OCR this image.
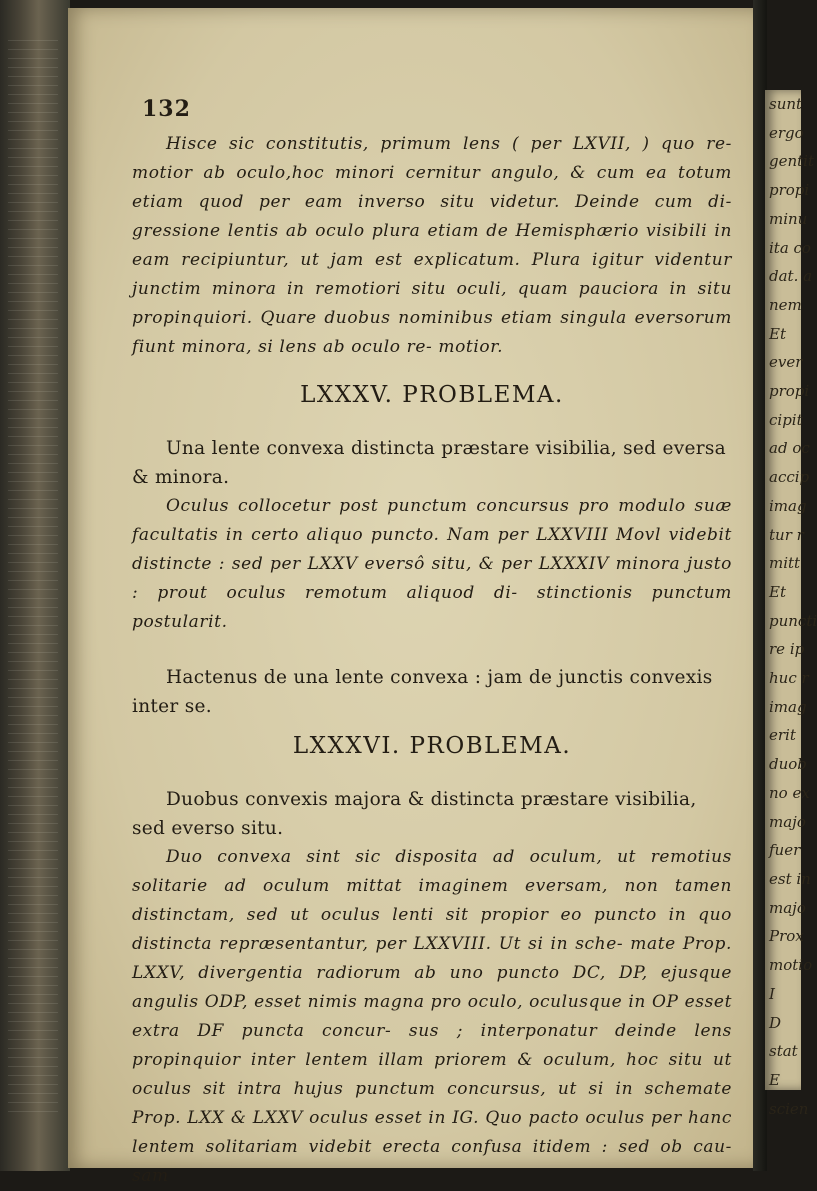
sunt
ergo
gentit
propi
minu
ita co
dat. a
nem
Et
ever
propi
cipit
ad oc
accip
imag
tur r
mitt
Et
puncti
re ip
huc r
imag
erit
duob
no ex
majo
fuer
est in
majo
Prox
motio
I
D
stat
E
scien
132

Hisce sic constitutis, primum lens ( per LXVII, ) quo re- motior ab oculo,hoc minori cernitur angulo, & cum ea totum etiam quod per eam inverso situ videtur. Deinde cum di- gressione lentis ab oculo plura etiam de Hemisphærio visibili in eam recipiuntur, ut jam est explicatum. Plura igitur videntur junctim minora in remotiori situ oculi, quam pauciora in situ propinquiori. Quare duobus nominibus etiam singula eversorum fiunt minora, si lens ab oculo re- motior.

LXXXV. PROBLEMA.

Una lente convexa distincta præstare visibilia, sed eversa & minora.

Oculus collocetur post punctum concursus pro modulo suæ facultatis in certo aliquo puncto. Nam per LXXVIII Movl videbit distincte : sed per LXXV eversô situ, & per LXXXIV minora justo : prout oculus remotum aliquod di- stinctionis punctum postularit.

Hactenus de una lente convexa : jam de junctis convexis inter se.

LXXXVI. PROBLEMA.

Duobus convexis majora & distincta præstare visibilia, sed everso situ.

Duo convexa sint sic disposita ad oculum, ut remotius solitarie ad oculum mittat imaginem eversam, non tamen distinctam, sed ut oculus lenti sit propior eo puncto in quo distincta repræsentantur, per LXXVIII. Ut si in sche- mate Prop. LXXV, divergentia radiorum ab uno puncto DC, DP, ejusque angulis ODP, esset nimis magna pro oculo, oculusque in OP esset extra DF puncta concur- sus ; interponatur deinde lens propinquior inter lentem illam priorem & oculum, hoc situ ut oculus sit intra hujus punctum concursus, ut si in schemate Prop. LXX & LXXV oculus esset in IG. Quo pacto oculus per hanc lentem solitariam videbit erecta confusa itidem : sed ob cau- sam
